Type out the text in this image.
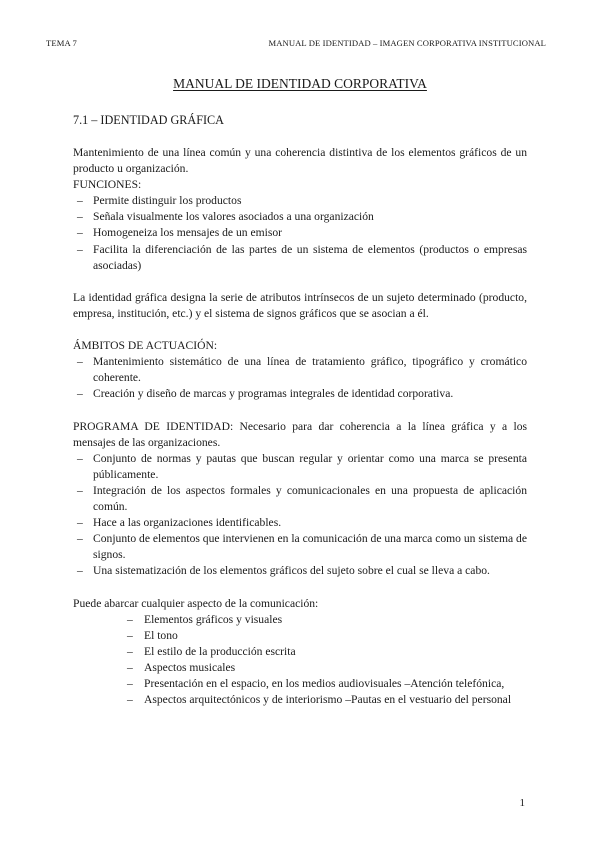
TEMA 7	MANUAL DE IDENTIDAD – IMAGEN CORPORATIVA INSTITUCIONAL
MANUAL DE IDENTIDAD CORPORATIVA
7.1 – IDENTIDAD GRÁFICA

Mantenimiento de una línea común y una coherencia distintiva de los elementos gráficos de un producto u organización.

FUNCIONES:

– Permite distinguir los productos
– Señala visualmente los valores asociados a una organización
– Homogeneiza los mensajes de un emisor
– Facilita la diferenciación de las partes de un sistema de elementos (productos o empresas asociadas)

La identidad gráfica designa la serie de atributos intrínsecos de un sujeto determinado (producto, empresa, institución, etc.) y el sistema de signos gráficos que se asocian a él.

ÁMBITOS DE ACTUACIÓN:

– Mantenimiento sistemático de una línea de tratamiento gráfico, tipográfico y cromático coherente.
– Creación y diseño de marcas y programas integrales de identidad corporativa.

PROGRAMA DE IDENTIDAD: Necesario para dar coherencia a la línea gráfica y a los mensajes de las organizaciones.

– Conjunto de normas y pautas que buscan regular y orientar como una marca se presenta públicamente.
– Integración de los aspectos formales y comunicacionales en una propuesta de aplicación común.
– Hace a las organizaciones identificables.
– Conjunto de elementos que intervienen en la comunicación de una marca como un sistema de signos.
– Una sistematización de los elementos gráficos del sujeto sobre el cual se lleva a cabo.

Puede abarcar cualquier aspecto de la comunicación:

– Elementos gráficos y visuales
– El tono
– El estilo de la producción escrita
– Aspectos musicales
– Presentación en el espacio, en los medios audiovisuales –Atención telefónica,
– Aspectos arquitectónicos y de interiorismo –Pautas en el vestuario del personal
1
